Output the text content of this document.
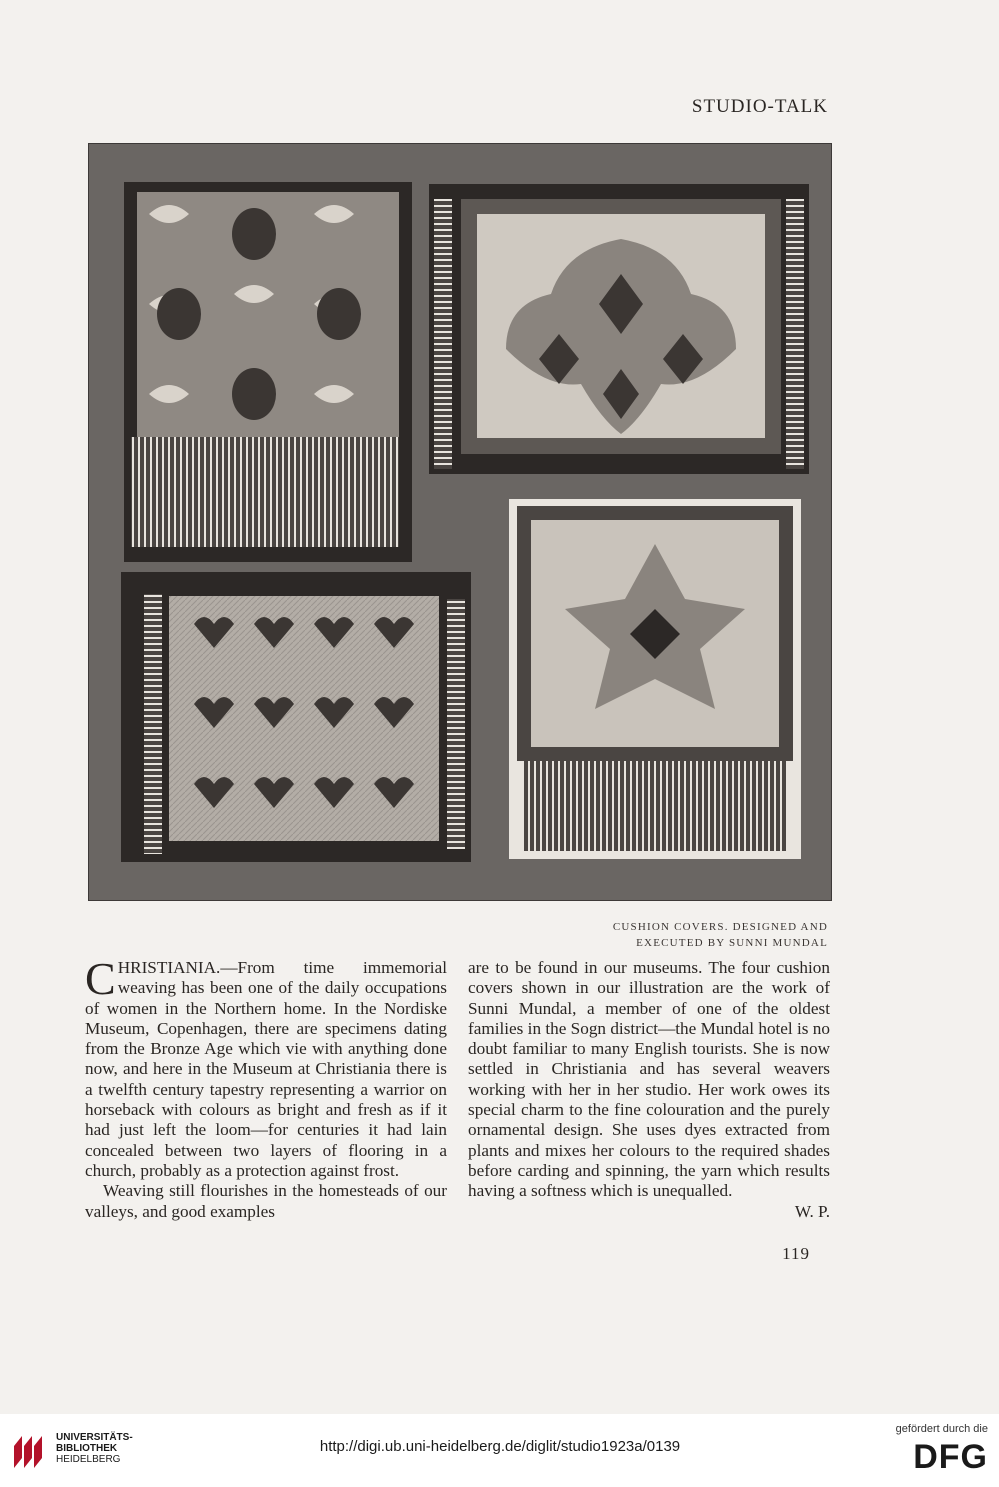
STUDIO-TALK
CUSHION COVERS. DESIGNED AND
EXECUTED BY SUNNI MUNDAL

CHRISTIANIA.—From time immemorial weaving has been one of the daily occupations of women in the Northern home. In the Nordiske Museum, Copenhagen, there are specimens dating from the Bronze Age which vie with anything done now, and here in the Museum at Christiania there is a twelfth century tapestry representing a warrior on horseback with colours as bright and fresh as if it had just left the loom—for centuries it had lain concealed between two layers of flooring in a church, probably as a protection against frost.

Weaving still flourishes in the homesteads of our valleys, and good examples

are to be found in our museums. The four cushion covers shown in our illustration are the work of Sunni Mundal, a member of one of the oldest families in the Sogn district—the Mundal hotel is no doubt familiar to many English tourists. She is now settled in Christiania and has several weavers working with her in her studio. Her work owes its special charm to the fine colouration and the purely ornamental design. She uses dyes extracted from plants and mixes her colours to the required shades before carding and spinning, the yarn which results having a softness which is unequalled.

W. P.

119
UNIVERSITÄTS-
BIBLIOTHEK
HEIDELBERG
http://digi.ub.uni-heidelberg.de/diglit/studio1923a/0139
gefördert durch die
DFG
